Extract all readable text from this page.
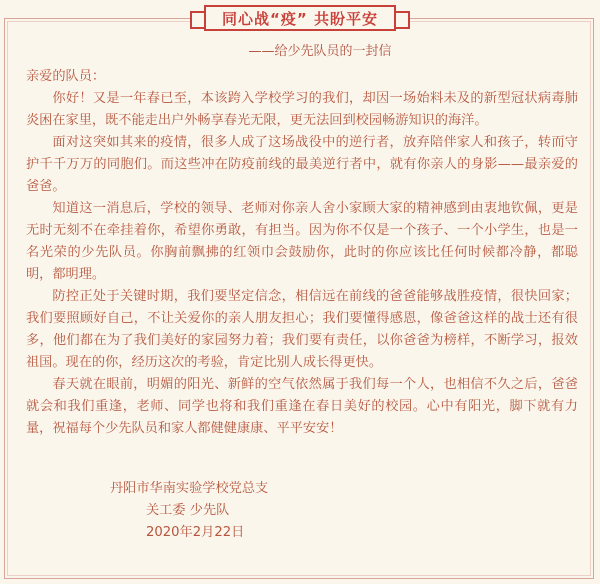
同心战“疫” 共盼平安
——给少先队员的一封信

亲爱的队员：

你好！又是一年春已至，本该跨入学校学习的我们，却因一场始料未及的新型冠状病毒肺炎困在家里，既不能走出户外畅享春光无限，更无法回到校园畅游知识的海洋。

面对这突如其来的疫情，很多人成了这场战役中的逆行者，放弃陪伴家人和孩子，转而守护千千万万的同胞们。而这些冲在防疫前线的最美逆行者中，就有你亲人的身影——最亲爱的爸爸。

知道这一消息后，学校的领导、老师对你亲人舍小家顾大家的精神感到由衷地钦佩，更是无时无刻不在牵挂着你，希望你勇敢，有担当。因为你不仅是一个孩子、一个小学生，也是一名光荣的少先队员。你胸前飘拂的红领巾会鼓励你，此时的你应该比任何时候都冷静，都聪明，都明理。

防控正处于关键时期，我们要坚定信念，相信远在前线的爸爸能够战胜疫情，很快回家；我们要照顾好自己，不让关爱你的亲人朋友担心；我们要懂得感恩，像爸爸这样的战士还有很多，他们都在为了我们美好的家园努力着；我们要有责任，以你爸爸为榜样，不断学习，报效祖国。现在的你，经历这次的考验，肯定比别人成长得更快。

春天就在眼前，明媚的阳光、新鲜的空气依然属于我们每一个人，也相信不久之后，爸爸就会和我们重逢，老师、同学也将和我们重逢在春日美好的校园。心中有阳光，脚下就有力量，祝福每个少先队员和家人都健健康康、平平安安！

丹阳市华南实验学校党总支
关工委 少先队
2020年2月22日
